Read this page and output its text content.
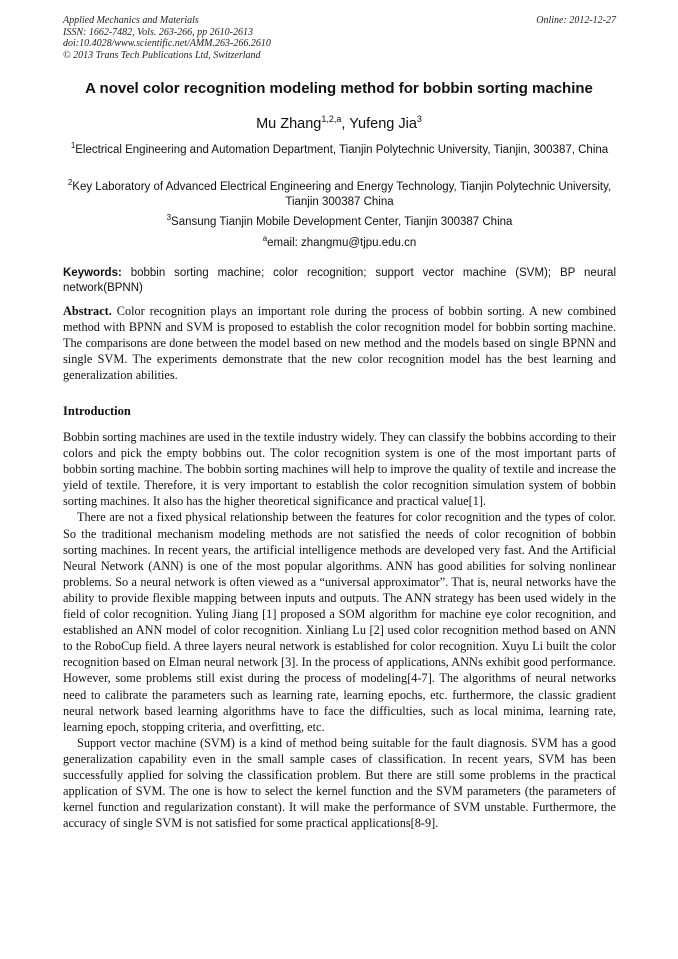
Applied Mechanics and Materials
ISSN: 1662-7482, Vols. 263-266, pp 2610-2613
doi:10.4028/www.scientific.net/AMM.263-266.2610
© 2013 Trans Tech Publications Ltd, Switzerland
Online: 2012-12-27
A novel color recognition modeling method for bobbin sorting machine
Mu Zhang$^{1,2,a}$, Yufeng Jia$^3$
$^1$Electrical Engineering and Automation Department, Tianjin Polytechnic University, Tianjin, 300387, China
$^2$Key Laboratory of Advanced Electrical Engineering and Energy Technology, Tianjin Polytechnic University, Tianjin 300387 China
$^3$Sansung Tianjin Mobile Development Center, Tianjin 300387 China
$^a$email: zhangmu@tjpu.edu.cn
Keywords: bobbin sorting machine; color recognition; support vector machine (SVM); BP neural network(BPNN)

Abstract. Color recognition plays an important role during the process of bobbin sorting. A new combined method with BPNN and SVM is proposed to establish the color recognition model for bobbin sorting machine. The comparisons are done between the model based on new method and the models based on single BPNN and single SVM. The experiments demonstrate that the new color recognition model has the best learning and generalization abilities.

Introduction

Bobbin sorting machines are used in the textile industry widely. They can classify the bobbins according to their colors and pick the empty bobbins out. The color recognition system is one of the most important parts of bobbin sorting machine. The bobbin sorting machines will help to improve the quality of textile and increase the yield of textile. Therefore, it is very important to establish the color recognition simulation system of bobbin sorting machines. It also has the higher theoretical significance and practical value[1].

There are not a fixed physical relationship between the features for color recognition and the types of color. So the traditional mechanism modeling methods are not satisfied the needs of color recognition of bobbin sorting machines. In recent years, the artificial intelligence methods are developed very fast. And the Artificial Neural Network (ANN) is one of the most popular algorithms. ANN has good abilities for solving nonlinear problems. So a neural network is often viewed as a “universal approximator”. That is, neural networks have the ability to provide flexible mapping between inputs and outputs. The ANN strategy has been used widely in the field of color recognition. Yuling Jiang [1] proposed a SOM algorithm for machine eye color recognition, and established an ANN model of color recognition. Xinliang Lu [2] used color recognition method based on ANN to the RoboCup field. A three layers neural network is established for color recognition. Xuyu Li built the color recognition based on Elman neural network [3]. In the process of applications, ANNs exhibit good performance. However, some problems still exist during the process of modeling[4-7]. The algorithms of neural networks need to calibrate the parameters such as learning rate, learning epochs, etc. furthermore, the classic gradient neural network based learning algorithms have to face the difficulties, such as local minima, learning rate, learning epoch, stopping criteria, and overfitting, etc.

Support vector machine (SVM) is a kind of method being suitable for the fault diagnosis. SVM has a good generalization capability even in the small sample cases of classification. In recent years, SVM has been successfully applied for solving the classification problem. But there are still some problems in the practical application of SVM. The one is how to select the kernel function and the SVM parameters (the parameters of kernel function and regularization constant). It will make the performance of SVM unstable. Furthermore, the accuracy of single SVM is not satisfied for some practical applications[8-9].
